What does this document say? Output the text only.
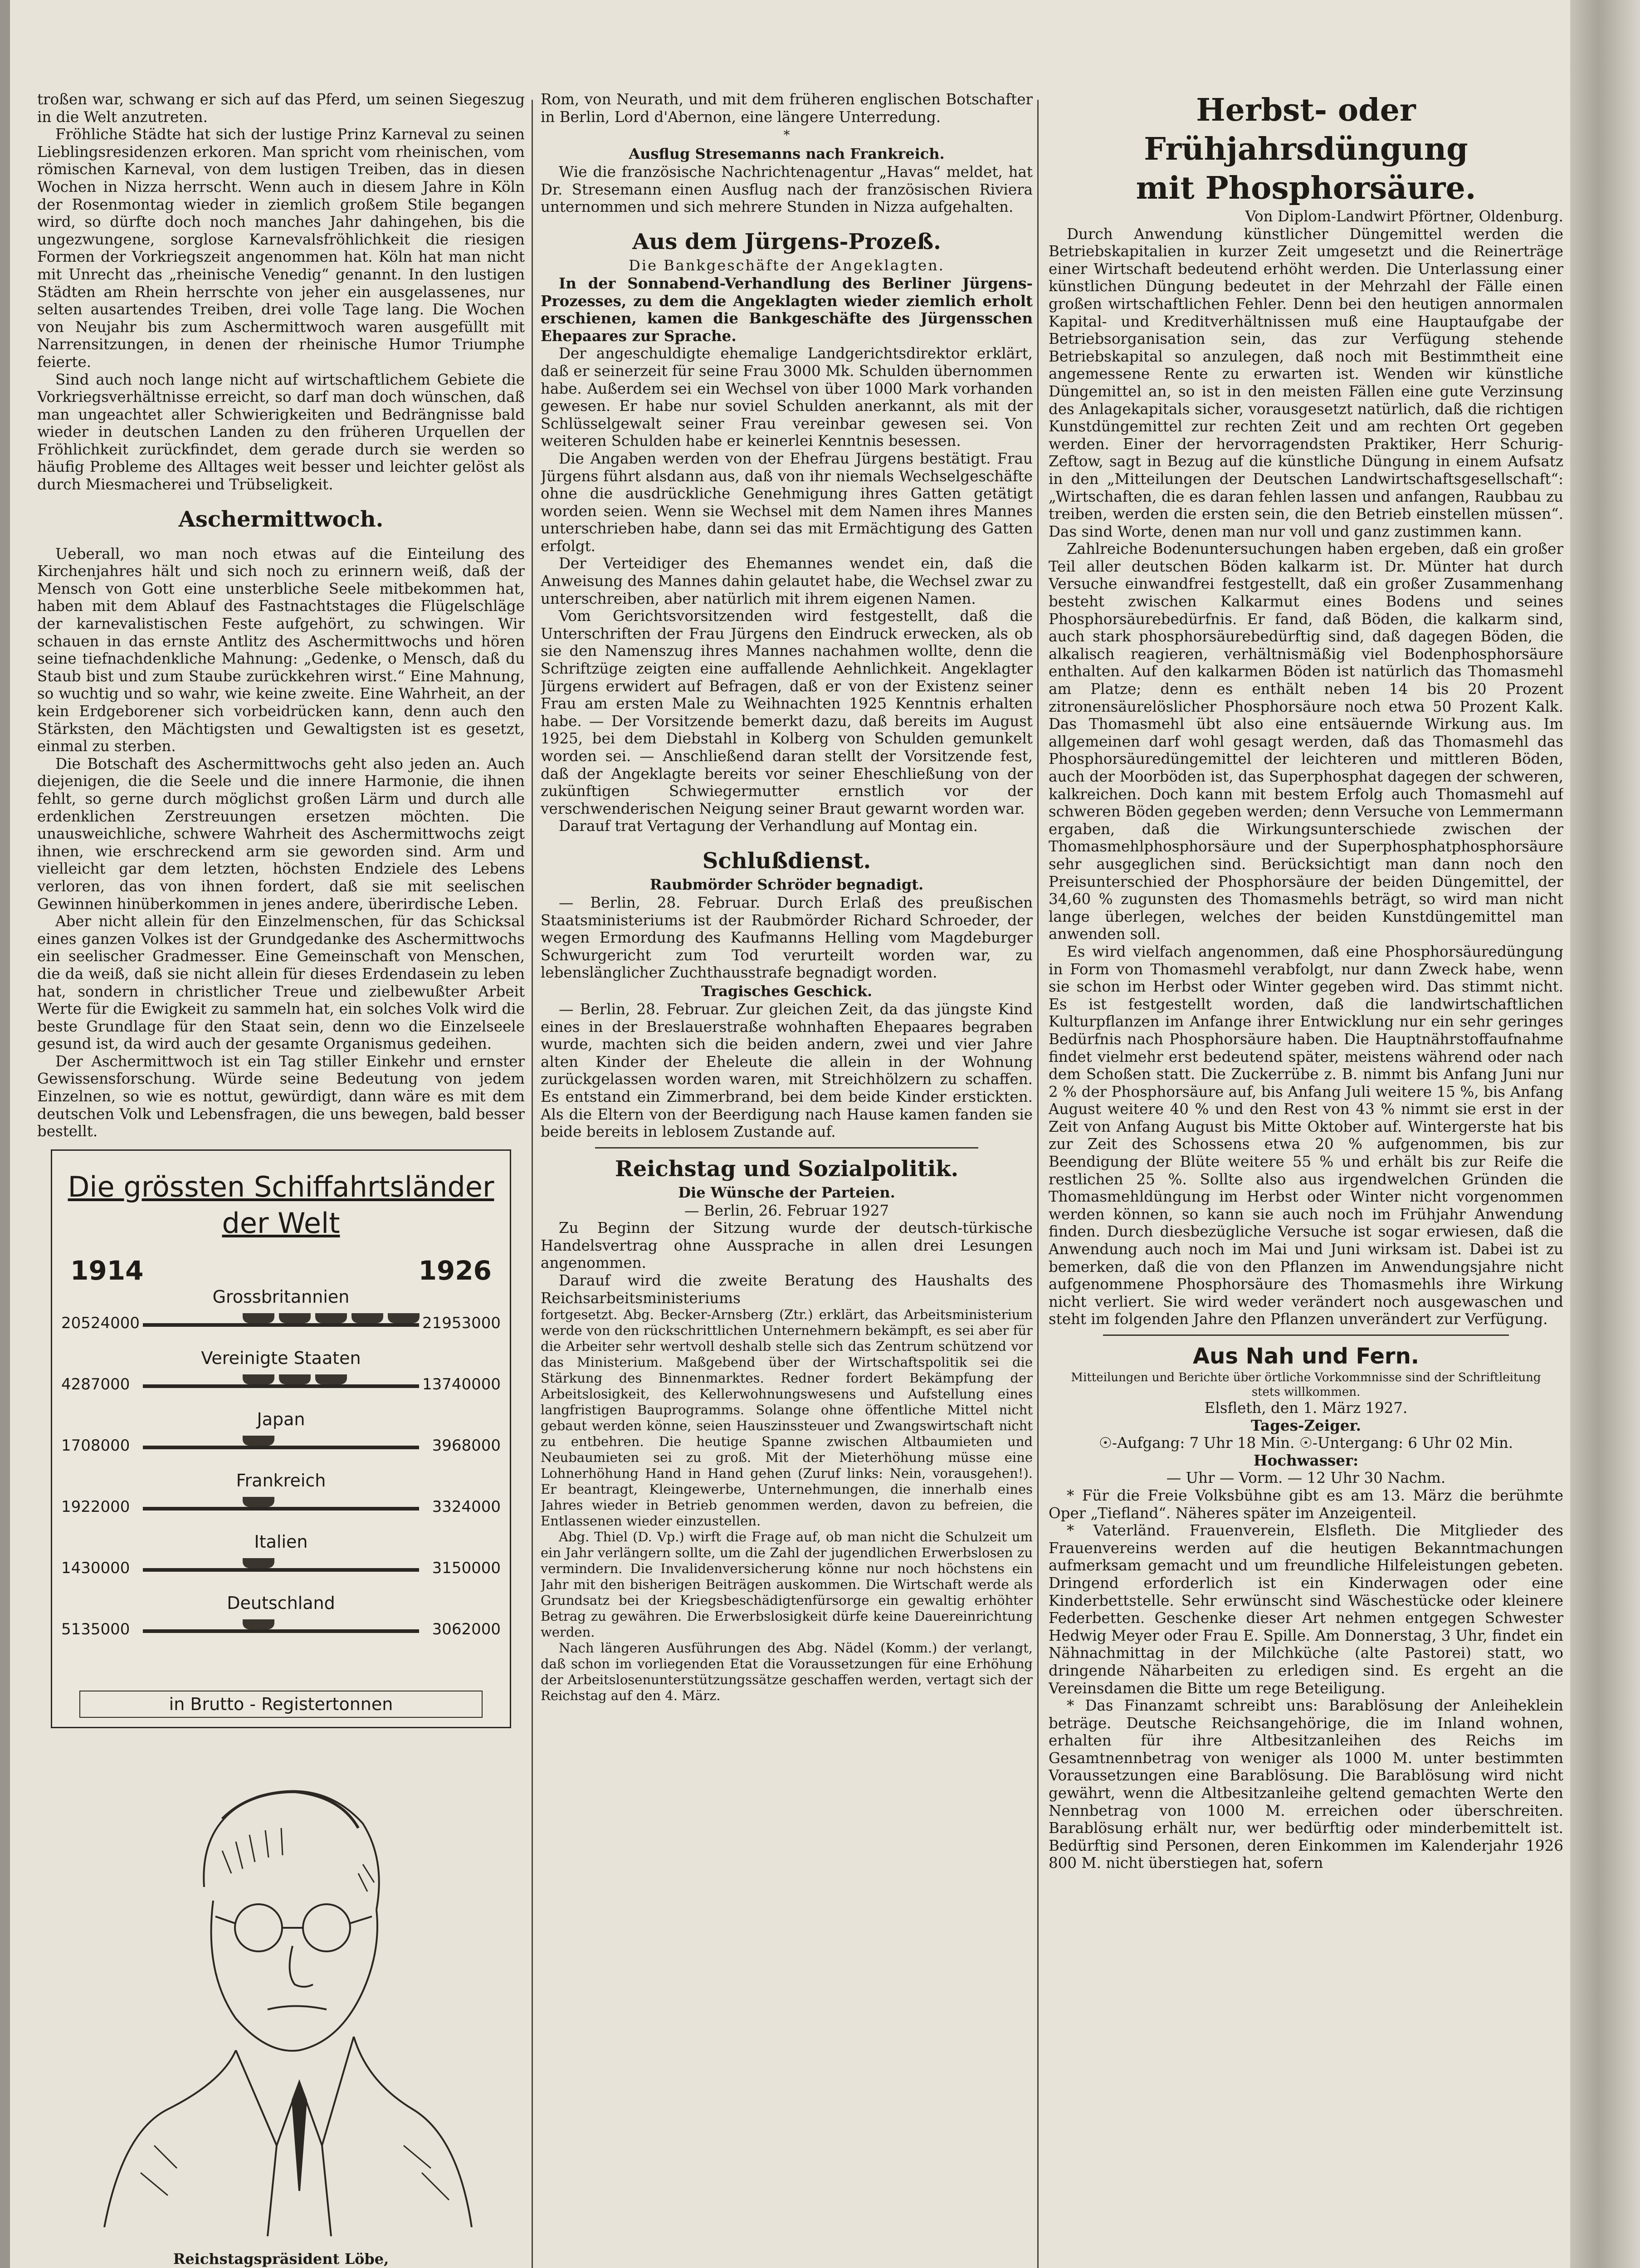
troßen war, schwang er sich auf das Pferd, um seinen Siegeszug in die Welt anzutreten.

Fröhliche Städte hat sich der lustige Prinz Karneval zu seinen Lieblingsresidenzen erkoren. Man spricht vom rheinischen, vom römischen Karneval, von dem lustigen Treiben, das in diesen Wochen in Nizza herrscht. Wenn auch in diesem Jahre in Köln der Rosenmontag wieder in ziemlich großem Stile begangen wird, so dürfte doch noch manches Jahr dahingehen, bis die ungezwungene, sorglose Karnevalsfröhlichkeit die riesigen Formen der Vorkriegszeit angenommen hat. Köln hat man nicht mit Unrecht das „rheinische Venedig“ genannt. In den lustigen Städten am Rhein herrschte von jeher ein ausgelassenes, nur selten ausartendes Treiben, drei volle Tage lang. Die Wochen von Neujahr bis zum Aschermittwoch waren ausgefüllt mit Narrensitzungen, in denen der rheinische Humor Triumphe feierte.

Sind auch noch lange nicht auf wirtschaftlichem Gebiete die Vorkriegsverhältnisse erreicht, so darf man doch wünschen, daß man ungeachtet aller Schwierigkeiten und Bedrängnisse bald wieder in deutschen Landen zu den früheren Urquellen der Fröhlichkeit zurückfindet, dem gerade durch sie werden so häufig Probleme des Alltages weit besser und leichter gelöst als durch Miesmacherei und Trübseligkeit.

Aschermittwoch.

Ueberall, wo man noch etwas auf die Einteilung des Kirchenjahres hält und sich noch zu erinnern weiß, daß der Mensch von Gott eine unsterbliche Seele mitbekommen hat, haben mit dem Ablauf des Fastnachtstages die Flügelschläge der karnevalistischen Feste aufgehört, zu schwingen. Wir schauen in das ernste Antlitz des Aschermittwochs und hören seine tiefnachdenkliche Mahnung: „Gedenke, o Mensch, daß du Staub bist und zum Staube zurückkehren wirst.“ Eine Mahnung, so wuchtig und so wahr, wie keine zweite. Eine Wahrheit, an der kein Erdgeborener sich vorbeidrücken kann, denn auch den Stärksten, den Mächtigsten und Gewaltigsten ist es gesetzt, einmal zu sterben.

Die Botschaft des Aschermittwochs geht also jeden an. Auch diejenigen, die die Seele und die innere Harmonie, die ihnen fehlt, so gerne durch möglichst großen Lärm und durch alle erdenklichen Zerstreuungen ersetzen möchten. Die unausweichliche, schwere Wahrheit des Aschermittwochs zeigt ihnen, wie erschreckend arm sie geworden sind. Arm und vielleicht gar dem letzten, höchsten Endziele des Lebens verloren, das von ihnen fordert, daß sie mit seelischen Gewinnen hinüberkommen in jenes andere, überirdische Leben.

Aber nicht allein für den Einzelmenschen, für das Schicksal eines ganzen Volkes ist der Grundgedanke des Aschermittwochs ein seelischer Gradmesser. Eine Gemeinschaft von Menschen, die da weiß, daß sie nicht allein für dieses Erdendasein zu leben hat, sondern in christlicher Treue und zielbewußter Arbeit Werte für die Ewigkeit zu sammeln hat, ein solches Volk wird die beste Grundlage für den Staat sein, denn wo die Einzelseele gesund ist, da wird auch der gesamte Organismus gedeihen.

Der Aschermittwoch ist ein Tag stiller Einkehr und ernster Gewissensforschung. Würde seine Bedeutung von jedem Einzelnen, so wie es nottut, gewürdigt, dann wäre es mit dem deutschen Volk und Lebensfragen, die uns bewegen, bald besser bestellt.

Die grössten Schiffahrtsländer
der Welt
1914	1926
Grossbritannien
20524000	21953000
Vereinigte Staaten
4287000	13740000
Japan
1708000	3968000
Frankreich
1922000	3324000
Italien
1430000	3150000
Deutschland
5135000	3062000
in Brutto - Registertonnen

Reichstagspräsident Löbe,

Rom, von Neurath, und mit dem früheren englischen Botschafter in Berlin, Lord d'Abernon, eine längere Unterredung.

*

Ausflug Stresemanns nach Frankreich.

Wie die französische Nachrichtenagentur „Havas“ meldet, hat Dr. Stresemann einen Ausflug nach der französischen Riviera unternommen und sich mehrere Stunden in Nizza aufgehalten.

Aus dem Jürgens-Prozeß.

Die Bankgeschäfte der Angeklagten.

In der Sonnabend-Verhandlung des Berliner Jürgens-Prozesses, zu dem die Angeklagten wieder ziemlich erholt erschienen, kamen die Bankgeschäfte des Jürgensschen Ehepaares zur Sprache.

Der angeschuldigte ehemalige Landgerichtsdirektor erklärt, daß er seinerzeit für seine Frau 3000 Mk. Schulden übernommen habe. Außerdem sei ein Wechsel von über 1000 Mark vorhanden gewesen. Er habe nur soviel Schulden anerkannt, als mit der Schlüsselgewalt seiner Frau vereinbar gewesen sei. Von weiteren Schulden habe er keinerlei Kenntnis besessen.

Die Angaben werden von der Ehefrau Jürgens bestätigt. Frau Jürgens führt alsdann aus, daß von ihr niemals Wechselgeschäfte ohne die ausdrückliche Genehmigung ihres Gatten getätigt worden seien. Wenn sie Wechsel mit dem Namen ihres Mannes unterschrieben habe, dann sei das mit Ermächtigung des Gatten erfolgt.

Der Verteidiger des Ehemannes wendet ein, daß die Anweisung des Mannes dahin gelautet habe, die Wechsel zwar zu unterschreiben, aber natürlich mit ihrem eigenen Namen.

Vom Gerichtsvorsitzenden wird festgestellt, daß die Unterschriften der Frau Jürgens den Eindruck erwecken, als ob sie den Namenszug ihres Mannes nachahmen wollte, denn die Schriftzüge zeigten eine auffallende Aehnlichkeit. Angeklagter Jürgens erwidert auf Befragen, daß er von der Existenz seiner Frau am ersten Male zu Weihnachten 1925 Kenntnis erhalten habe. — Der Vorsitzende bemerkt dazu, daß bereits im August 1925, bei dem Diebstahl in Kolberg von Schulden gemunkelt worden sei. — Anschließend daran stellt der Vorsitzende fest, daß der Angeklagte bereits vor seiner Eheschließung von der zukünftigen Schwiegermutter ernstlich vor der verschwenderischen Neigung seiner Braut gewarnt worden war.

Darauf trat Vertagung der Verhandlung auf Montag ein.

Schlußdienst.
Raubmörder Schröder begnadigt.

— Berlin, 28. Februar. Durch Erlaß des preußischen Staatsministeriums ist der Raubmörder Richard Schroeder, der wegen Ermordung des Kaufmanns Helling vom Magdeburger Schwurgericht zum Tod verurteilt worden war, zu lebenslänglicher Zuchthausstrafe begnadigt worden.

Tragisches Geschick.

— Berlin, 28. Februar. Zur gleichen Zeit, da das jüngste Kind eines in der Breslauerstraße wohnhaften Ehepaares begraben wurde, machten sich die beiden andern, zwei und vier Jahre alten Kinder der Eheleute die allein in der Wohnung zurückgelassen worden waren, mit Streichhölzern zu schaffen. Es entstand ein Zimmerbrand, bei dem beide Kinder erstickten. Als die Eltern von der Beerdigung nach Hause kamen fanden sie beide bereits in leblosem Zustande auf.

Reichstag und Sozialpolitik.

Die Wünsche der Parteien.

— Berlin, 26. Februar 1927

Zu Beginn der Sitzung wurde der deutsch-türkische Handelsvertrag ohne Aussprache in allen drei Lesungen angenommen.

Darauf wird die zweite Beratung des Haushalts des Reichsarbeitsministeriums

fortgesetzt. Abg. Becker-Arnsberg (Ztr.) erklärt, das Arbeitsministerium werde von den rückschrittlichen Unternehmern bekämpft, es sei aber für die Arbeiter sehr wertvoll deshalb stelle sich das Zentrum schützend vor das Ministerium. Maßgebend über der Wirtschaftspolitik sei die Stärkung des Binnenmarktes. Redner fordert Bekämpfung der Arbeitslosigkeit, des Kellerwohnungswesens und Aufstellung eines langfristigen Bauprogramms. Solange ohne öffentliche Mittel nicht gebaut werden könne, seien Hauszinssteuer und Zwangswirtschaft nicht zu entbehren. Die heutige Spanne zwischen Altbaumieten und Neubaumieten sei zu groß. Mit der Mieterhöhung müsse eine Lohnerhöhung Hand in Hand gehen (Zuruf links: Nein, vorausgehen!). Er beantragt, Kleingewerbe, Unternehmungen, die innerhalb eines Jahres wieder in Betrieb genommen werden, davon zu befreien, die Entlassenen wieder einzustellen.

Abg. Thiel (D. Vp.) wirft die Frage auf, ob man nicht die Schulzeit um ein Jahr verlängern sollte, um die Zahl der jugendlichen Erwerbslosen zu vermindern. Die Invalidenversicherung könne nur noch höchstens ein Jahr mit den bisherigen Beiträgen auskommen. Die Wirtschaft werde als Grundsatz bei der Kriegsbeschädigtenfürsorge ein gewaltig erhöhter Betrag zu gewähren. Die Erwerbslosigkeit dürfe keine Dauereinrichtung werden.

Nach längeren Ausführungen des Abg. Nädel (Komm.) der verlangt, daß schon im vorliegenden Etat die Voraussetzungen für eine Erhöhung der Arbeitslosenunterstützungssätze geschaffen werden, vertagt sich der Reichstag auf den 4. März.

Herbst- oder Frühjahrsdüngung
mit Phosphorsäure.

Von Diplom-Landwirt Pförtner, Oldenburg.

Durch Anwendung künstlicher Düngemittel werden die Betriebskapitalien in kurzer Zeit umgesetzt und die Reinerträge einer Wirtschaft bedeutend erhöht werden. Die Unterlassung einer künstlichen Düngung bedeutet in der Mehrzahl der Fälle einen großen wirtschaftlichen Fehler. Denn bei den heutigen annormalen Kapital- und Kreditverhältnissen muß eine Hauptaufgabe der Betriebsorganisation sein, das zur Verfügung stehende Betriebskapital so anzulegen, daß noch mit Bestimmtheit eine angemessene Rente zu erwarten ist. Wenden wir künstliche Düngemittel an, so ist in den meisten Fällen eine gute Verzinsung des Anlagekapitals sicher, vorausgesetzt natürlich, daß die richtigen Kunstdüngemittel zur rechten Zeit und am rechten Ort gegeben werden. Einer der hervorragendsten Praktiker, Herr Schurig-Zeftow, sagt in Bezug auf die künstliche Düngung in einem Aufsatz in den „Mitteilungen der Deutschen Landwirtschaftsgesellschaft“: „Wirtschaften, die es daran fehlen lassen und anfangen, Raubbau zu treiben, werden die ersten sein, die den Betrieb einstellen müssen“. Das sind Worte, denen man nur voll und ganz zustimmen kann.

Zahlreiche Bodenuntersuchungen haben ergeben, daß ein großer Teil aller deutschen Böden kalkarm ist. Dr. Münter hat durch Versuche einwandfrei festgestellt, daß ein großer Zusammenhang besteht zwischen Kalkarmut eines Bodens und seines Phosphorsäurebedürfnis. Er fand, daß Böden, die kalkarm sind, auch stark phosphorsäurebedürftig sind, daß dagegen Böden, die alkalisch reagieren, verhältnismäßig viel Bodenphosphorsäure enthalten. Auf den kalkarmen Böden ist natürlich das Thomasmehl am Platze; denn es enthält neben 14 bis 20 Prozent zitronensäurelöslicher Phosphorsäure noch etwa 50 Prozent Kalk. Das Thomasmehl übt also eine entsäuernde Wirkung aus. Im allgemeinen darf wohl gesagt werden, daß das Thomasmehl das Phosphorsäuredüngemittel der leichteren und mittleren Böden, auch der Moorböden ist, das Superphosphat dagegen der schweren, kalkreichen. Doch kann mit bestem Erfolg auch Thomasmehl auf schweren Böden gegeben werden; denn Versuche von Lemmermann ergaben, daß die Wirkungsunterschiede zwischen der Thomasmehlphosphorsäure und der Superphosphatphosphorsäure sehr ausgeglichen sind. Berücksichtigt man dann noch den Preisunterschied der Phosphorsäure der beiden Düngemittel, der 34,60 % zugunsten des Thomasmehls beträgt, so wird man nicht lange überlegen, welches der beiden Kunstdüngemittel man anwenden soll.

Es wird vielfach angenommen, daß eine Phosphorsäuredüngung in Form von Thomasmehl verabfolgt, nur dann Zweck habe, wenn sie schon im Herbst oder Winter gegeben wird. Das stimmt nicht. Es ist festgestellt worden, daß die landwirtschaftlichen Kulturpflanzen im Anfange ihrer Entwicklung nur ein sehr geringes Bedürfnis nach Phosphorsäure haben. Die Hauptnährstoffaufnahme findet vielmehr erst bedeutend später, meistens während oder nach dem Schoßen statt. Die Zuckerrübe z. B. nimmt bis Anfang Juni nur 2 % der Phosphorsäure auf, bis Anfang Juli weitere 15 %, bis Anfang August weitere 40 % und den Rest von 43 % nimmt sie erst in der Zeit von Anfang August bis Mitte Oktober auf. Wintergerste hat bis zur Zeit des Schossens etwa 20 % aufgenommen, bis zur Beendigung der Blüte weitere 55 % und erhält bis zur Reife die restlichen 25 %. Sollte also aus irgendwelchen Gründen die Thomasmehldüngung im Herbst oder Winter nicht vorgenommen werden können, so kann sie auch noch im Frühjahr Anwendung finden. Durch diesbezügliche Versuche ist sogar erwiesen, daß die Anwendung auch noch im Mai und Juni wirksam ist. Dabei ist zu bemerken, daß die von den Pflanzen im Anwendungsjahre nicht aufgenommene Phosphorsäure des Thomasmehls ihre Wirkung nicht verliert. Sie wird weder verändert noch ausgewaschen und steht im folgenden Jahre den Pflanzen unverändert zur Verfügung.

Aus Nah und Fern.

Mitteilungen und Berichte über örtliche Vorkommnisse sind der Schriftleitung stets willkommen.

Elsfleth, den 1. März 1927.

Tages-Zeiger.

☉-Aufgang: 7 Uhr 18 Min. ☉-Untergang: 6 Uhr 02 Min.

Hochwasser:

— Uhr — Vorm. — 12 Uhr 30 Nachm.

* Für die Freie Volksbühne gibt es am 13. März die berühmte Oper „Tiefland“. Näheres später im Anzeigenteil.

* Vaterländ. Frauenverein, Elsfleth. Die Mitglieder des Frauenvereins werden auf die heutigen Bekanntmachungen aufmerksam gemacht und um freundliche Hilfeleistungen gebeten. Dringend erforderlich ist ein Kinderwagen oder eine Kinderbettstelle. Sehr erwünscht sind Wäschestücke oder kleinere Federbetten. Geschenke dieser Art nehmen entgegen Schwester Hedwig Meyer oder Frau E. Spille. Am Donnerstag, 3 Uhr, findet ein Nähnachmittag in der Milchküche (alte Pastorei) statt, wo dringende Näharbeiten zu erledigen sind. Es ergeht an die Vereinsdamen die Bitte um rege Beteiligung.

* Das Finanzamt schreibt uns: Barablösung der Anleiheklein beträge. Deutsche Reichsangehörige, die im Inland wohnen, erhalten für ihre Altbesitzanleihen des Reichs im Gesamtnennbetrag von weniger als 1000 M. unter bestimmten Voraussetzungen eine Barablösung. Die Barablösung wird nicht gewährt, wenn die Altbesitzanleihe geltend gemachten Werte den Nennbetrag von 1000 M. erreichen oder überschreiten. Barablösung erhält nur, wer bedürftig oder minderbemittelt ist. Bedürftig sind Personen, deren Einkommen im Kalenderjahr 1926 800 M. nicht überstiegen hat, sofern
